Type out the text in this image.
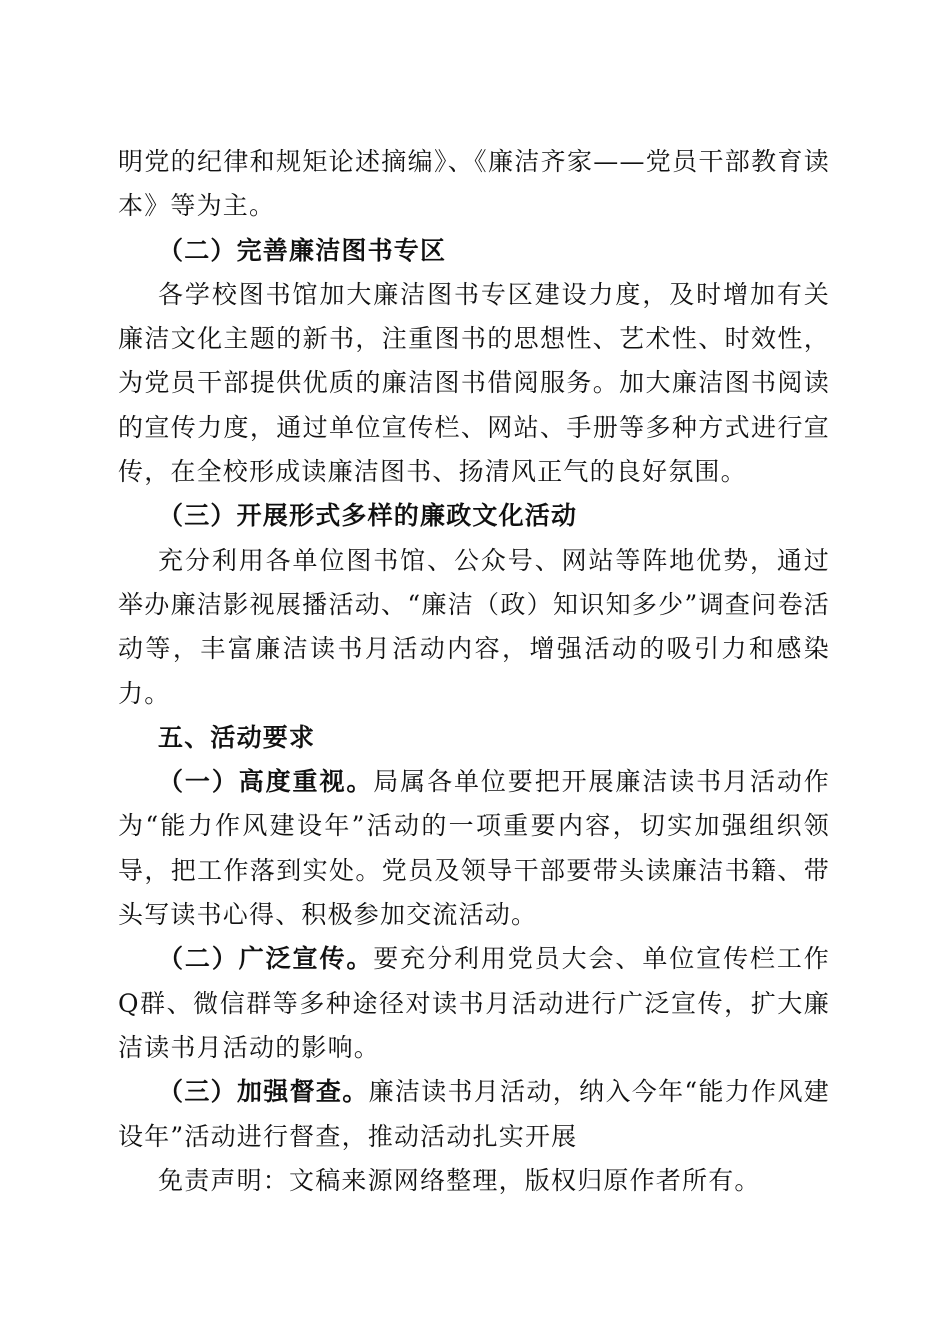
明党的纪律和规矩论述摘编》、《廉洁齐家——党员干部教育读本》等为主。

（二）完善廉洁图书专区

各学校图书馆加大廉洁图书专区建设力度，及时增加有关廉洁文化主题的新书，注重图书的思想性、艺术性、时效性，为党员干部提供优质的廉洁图书借阅服务。加大廉洁图书阅读的宣传力度，通过单位宣传栏、网站、手册等多种方式进行宣传，在全校形成读廉洁图书、扬清风正气的良好氛围。

（三）开展形式多样的廉政文化活动

充分利用各单位图书馆、公众号、网站等阵地优势，通过举办廉洁影视展播活动、“廉洁（政）知识知多少”调查问卷活动等，丰富廉洁读书月活动内容，增强活动的吸引力和感染力。

五、活动要求

（一）高度重视。局属各单位要把开展廉洁读书月活动作为“能力作风建设年”活动的一项重要内容，切实加强组织领导，把工作落到实处。党员及领导干部要带头读廉洁书籍、带头写读书心得、积极参加交流活动。

（二）广泛宣传。要充分利用党员大会、单位宣传栏工作Q群、微信群等多种途径对读书月活动进行广泛宣传，扩大廉洁读书月活动的影响。

（三）加强督查。廉洁读书月活动，纳入今年“能力作风建设年”活动进行督查，推动活动扎实开展

免责声明：文稿来源网络整理，版权归原作者所有。
